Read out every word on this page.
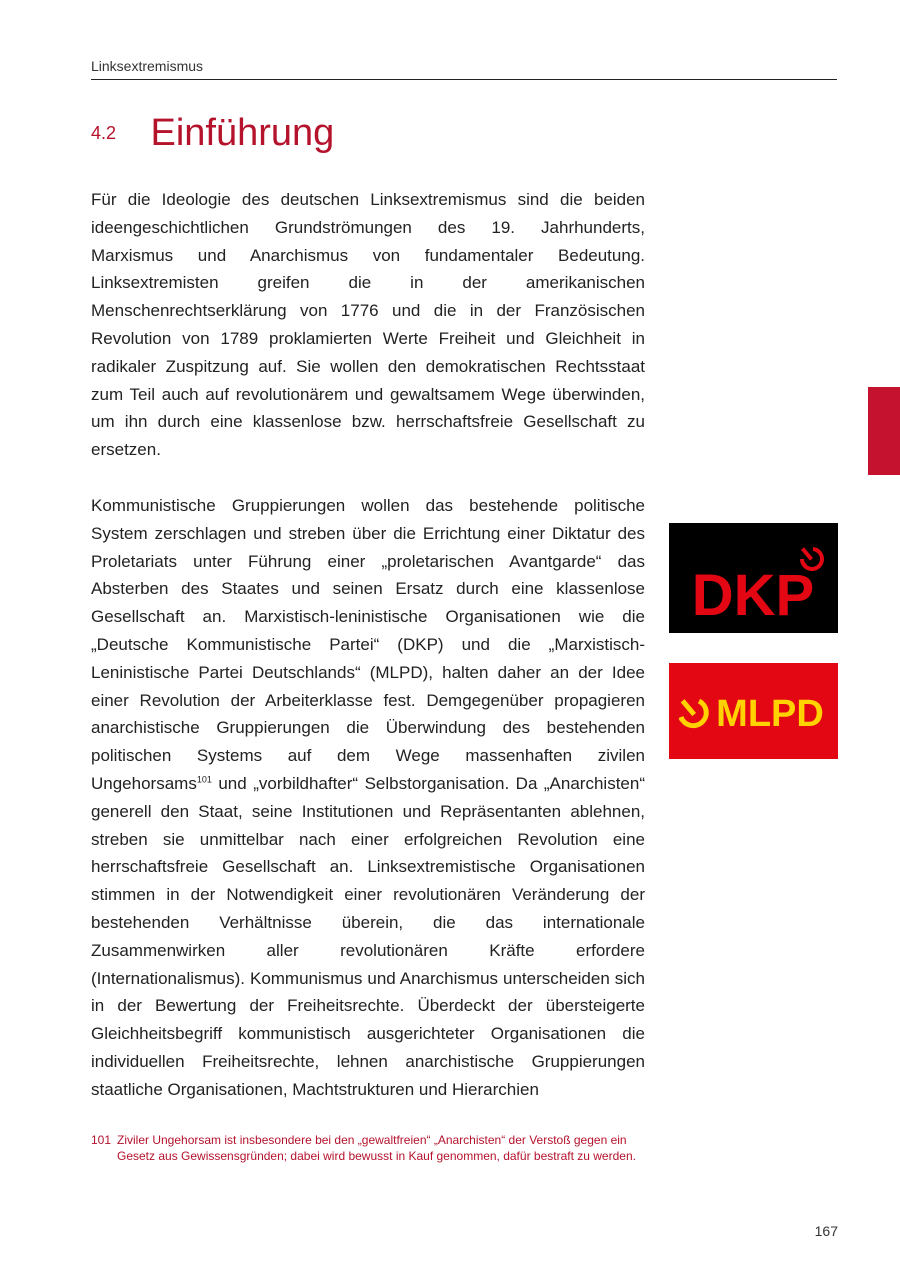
Linksextremismus
4.2 Einführung

Für die Ideologie des deutschen Linksextremismus sind die beiden ideengeschichtlichen Grundströmungen des 19. Jahrhunderts, Marxismus und Anarchismus von fundamentaler Bedeutung. Linksextremisten greifen die in der amerikanischen Menschenrechtserklärung von 1776 und die in der Französischen Revolution von 1789 proklamierten Werte Freiheit und Gleichheit in radikaler Zuspitzung auf. Sie wollen den demokratischen Rechtsstaat zum Teil auch auf revolutionärem und gewaltsamem Wege überwinden, um ihn durch eine klassenlose bzw. herrschaftsfreie Gesellschaft zu ersetzen.

Kommunistische Gruppierungen wollen das bestehende politische System zerschlagen und streben über die Errichtung einer Diktatur des Proletariats unter Führung einer „proletarischen Avantgarde“ das Absterben des Staates und seinen Ersatz durch eine klassenlose Gesellschaft an. Marxistisch-leninistische Organisationen wie die „Deutsche Kommunistische Partei“ (DKP) und die „Marxistisch-Leninistische Partei Deutschlands“ (MLPD), halten daher an der Idee einer Revolution der Arbeiterklasse fest. Demgegenüber propagieren anarchistische Gruppierungen die Überwindung des bestehenden politischen Systems auf dem Wege massenhaften zivilen Ungehorsams$^{101}$ und „vorbildhafter“ Selbstorganisation. Da „Anarchisten“ generell den Staat, seine Institutionen und Repräsentanten ablehnen, streben sie unmittelbar nach einer erfolgreichen Revolution eine herrschaftsfreie Gesellschaft an. Linksextremistische Organisationen stimmen in der Notwendigkeit einer revolutionären Veränderung der bestehenden Verhältnisse überein, die das internationale Zusammenwirken aller revolutionären Kräfte erfordere (Internationalismus). Kommunismus und Anarchismus unterscheiden sich in der Bewertung der Freiheitsrechte. Überdeckt der übersteigerte Gleichheitsbegriff kommunistisch ausgerichteter Organisationen die individuellen Freiheitsrechte, lehnen anarchistische Gruppierungen staatliche Organisationen, Machtstrukturen und Hierarchien

DKP
MLPD
101 Ziviler Ungehorsam ist insbesondere bei den „gewaltfreien“ „Anarchisten“ der Verstoß gegen ein Gesetz aus Gewissensgründen; dabei wird bewusst in Kauf genommen, dafür bestraft zu werden.
167
